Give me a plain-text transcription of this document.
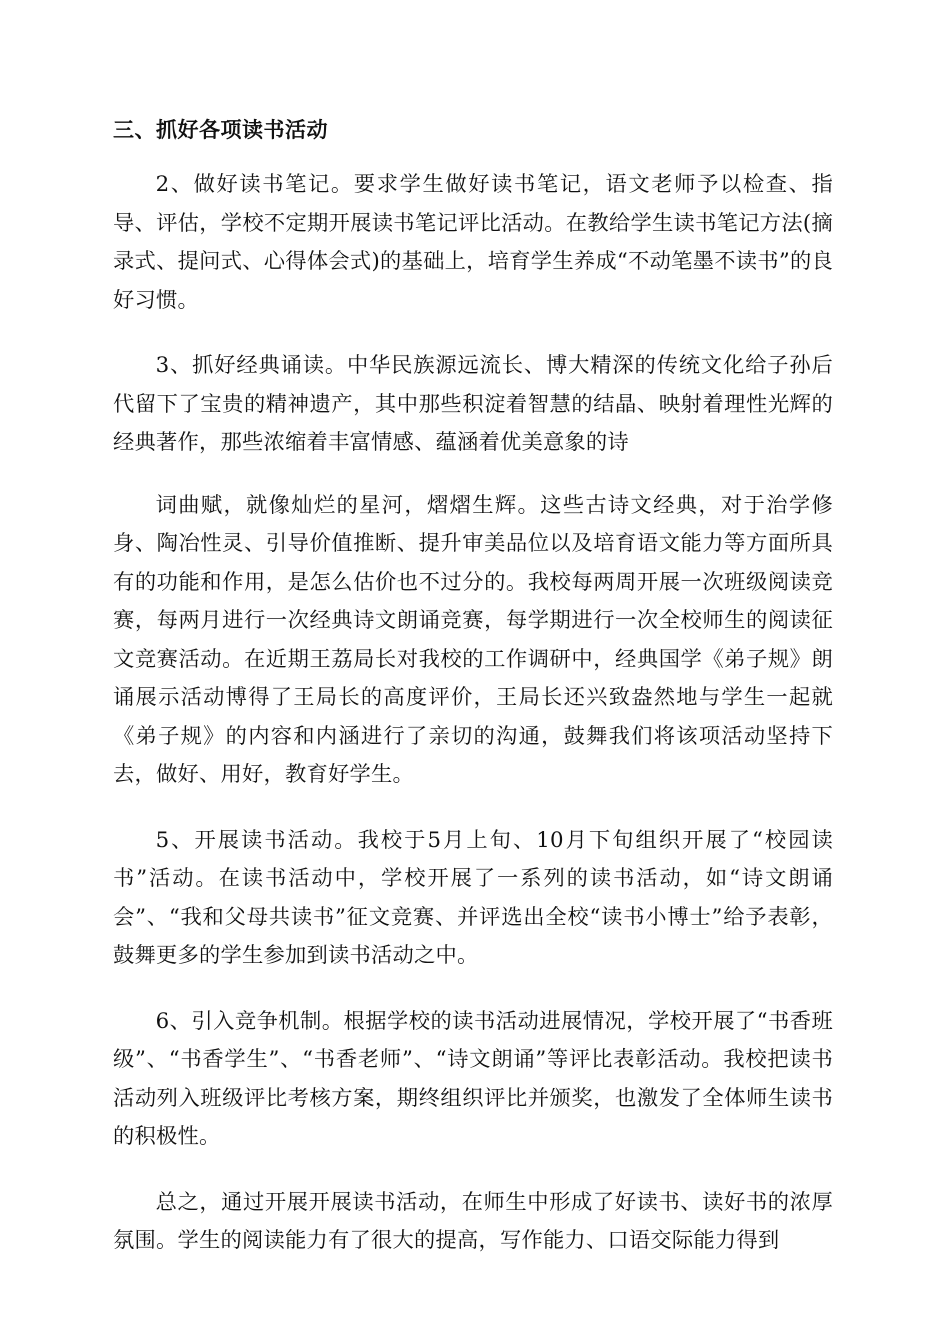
三、抓好各项读书活动

2、做好读书笔记。要求学生做好读书笔记，语文老师予以检查、指导、评估，学校不定期开展读书笔记评比活动。在教给学生读书笔记方法(摘录式、提问式、心得体会式)的基础上，培育学生养成“不动笔墨不读书”的良好习惯。

3、抓好经典诵读。中华民族源远流长、博大精深的传统文化给子孙后代留下了宝贵的精神遗产，其中那些积淀着智慧的结晶、映射着理性光辉的经典著作，那些浓缩着丰富情感、蕴涵着优美意象的诗

词曲赋，就像灿烂的星河，熠熠生辉。这些古诗文经典，对于治学修身、陶冶性灵、引导价值推断、提升审美品位以及培育语文能力等方面所具有的功能和作用，是怎么估价也不过分的。我校每两周开展一次班级阅读竞赛，每两月进行一次经典诗文朗诵竞赛，每学期进行一次全校师生的阅读征文竞赛活动。在近期王荔局长对我校的工作调研中，经典国学《弟子规》朗诵展示活动博得了王局长的高度评价，王局长还兴致盎然地与学生一起就《弟子规》的内容和内涵进行了亲切的沟通，鼓舞我们将该项活动坚持下去，做好、用好，教育好学生。

5、开展读书活动。我校于5月上旬、10月下旬组织开展了“校园读书”活动。在读书活动中，学校开展了一系列的读书活动，如“诗文朗诵会”、“我和父母共读书”征文竞赛、并评选出全校“读书小博士”给予表彰，鼓舞更多的学生参加到读书活动之中。

6、引入竞争机制。根据学校的读书活动进展情况，学校开展了“书香班级”、“书香学生”、“书香老师”、“诗文朗诵”等评比表彰活动。我校把读书活动列入班级评比考核方案，期终组织评比并颁奖，也激发了全体师生读书的积极性。

总之，通过开展开展读书活动，在师生中形成了好读书、读好书的浓厚氛围。学生的阅读能力有了很大的提高，写作能力、口语交际能力得到
